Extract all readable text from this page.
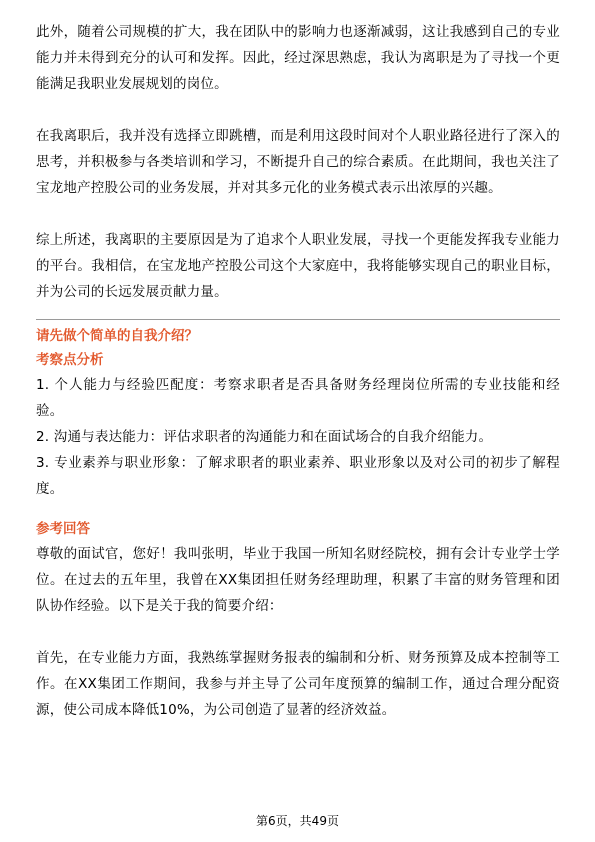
此外，随着公司规模的扩大，我在团队中的影响力也逐渐减弱，这让我感到自己的专业能力并未得到充分的认可和发挥。因此，经过深思熟虑，我认为离职是为了寻找一个更能满足我职业发展规划的岗位。

在我离职后，我并没有选择立即跳槽，而是利用这段时间对个人职业路径进行了深入的思考，并积极参与各类培训和学习，不断提升自己的综合素质。在此期间，我也关注了宝龙地产控股公司的业务发展，并对其多元化的业务模式表示出浓厚的兴趣。

综上所述，我离职的主要原因是为了追求个人职业发展，寻找一个更能发挥我专业能力的平台。我相信，在宝龙地产控股公司这个大家庭中，我将能够实现自己的职业目标，并为公司的长远发展贡献力量。

请先做个简单的自我介绍？

考察点分析

1. 个人能力与经验匹配度：考察求职者是否具备财务经理岗位所需的专业技能和经验。

2. 沟通与表达能力：评估求职者的沟通能力和在面试场合的自我介绍能力。

3. 专业素养与职业形象：了解求职者的职业素养、职业形象以及对公司的初步了解程度。

参考回答

尊敬的面试官，您好！我叫张明，毕业于我国一所知名财经院校，拥有会计专业学士学位。在过去的五年里，我曾在XX集团担任财务经理助理，积累了丰富的财务管理和团队协作经验。以下是关于我的简要介绍：

首先，在专业能力方面，我熟练掌握财务报表的编制和分析、财务预算及成本控制等工作。在XX集团工作期间，我参与并主导了公司年度预算的编制工作，通过合理分配资源，使公司成本降低10%，为公司创造了显著的经济效益。

第6页，共49页
